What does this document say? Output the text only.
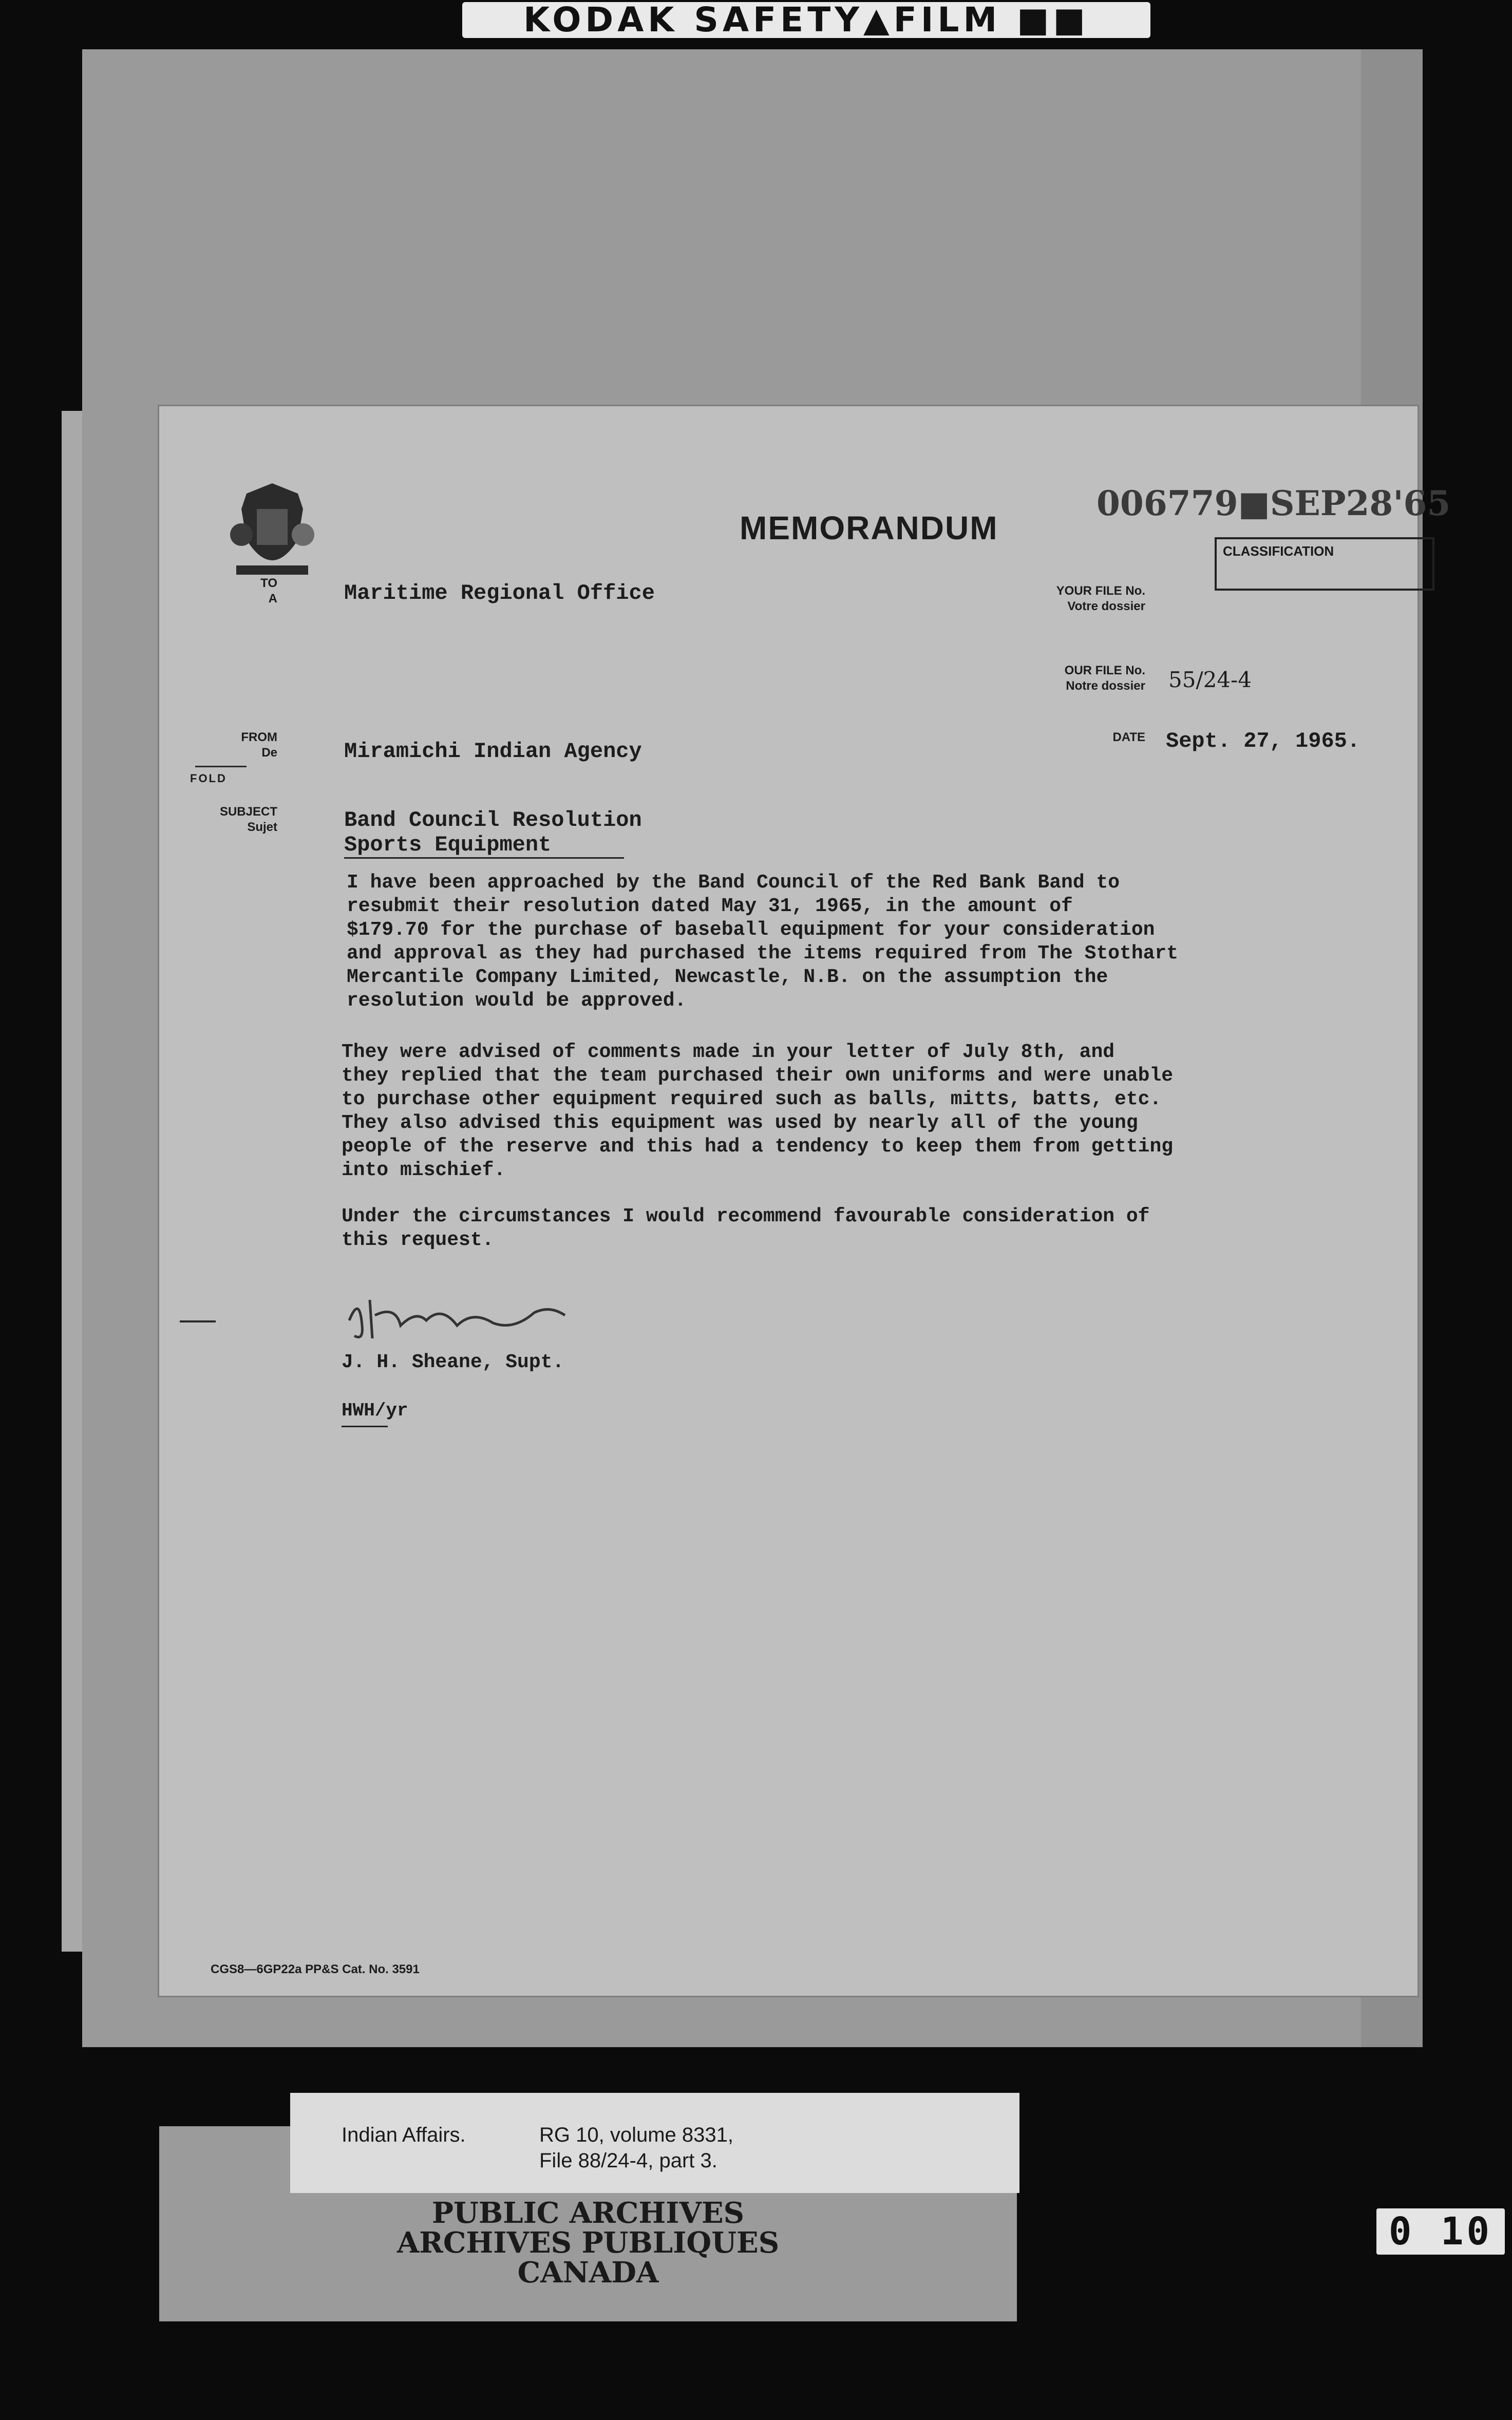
KODAK SAFETY▲FILM ■■
MEMORANDUM
006779■SEP28'65
CLASSIFICATION
TO
A	Maritime Regional Office	YOUR FILE No.
Votre dossier
OUR FILE No.
Notre dossier 55/24-4
FROM
De	Miramichi Indian Agency
DATE Sept. 27, 1965.
FOLD
SUBJECT
Sujet	Band Council Resolution
Sports Equipment
I have been approached by the Band Council of the Red Bank Band to
resubmit their resolution dated May 31, 1965, in the amount of
$179.70 for the purchase of baseball equipment for your consideration
and approval as they had purchased the items required from The Stothart
Mercantile Company Limited, Newcastle, N.B. on the assumption the
resolution would be approved.
They were advised of comments made in your letter of July 8th, and
they replied that the team purchased their own uniforms and were unable
to purchase other equipment required such as balls, mitts, batts, etc.
They also advised this equipment was used by nearly all of the young
people of the reserve and this had a tendency to keep them from getting
into mischief.
Under the circumstances I would recommend favourable consideration of
this request.
J. H. Sheane, Supt.
HWH/yr
CGS8—6GP22a PP&S Cat. No. 3591
PUBLIC ARCHIVES
ARCHIVES PUBLIQUES
CANADA
Indian Affairs.	RG 10, volume 8331,
File 88/24-4, part 3.
0 10
